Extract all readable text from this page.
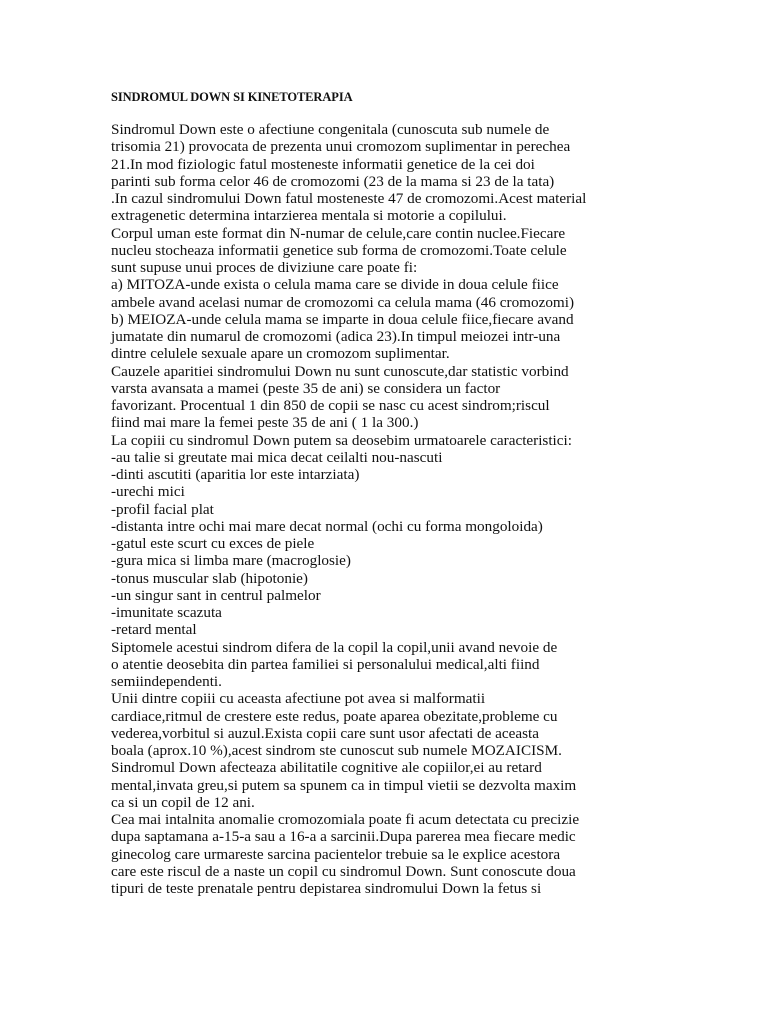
SINDROMUL DOWN SI KINETOTERAPIA
Sindromul Down este o afectiune congenitala (cunoscuta sub numele de
trisomia 21) provocata de prezenta unui cromozom suplimentar in perechea
21.In mod fiziologic fatul mosteneste informatii genetice de la cei doi
parinti sub forma celor 46 de cromozomi (23 de la mama si 23 de la tata)
.In cazul sindromului Down fatul mosteneste 47 de cromozomi.Acest material
extragenetic determina intarzierea mentala si motorie a copilului.
Corpul uman este format din N-numar de celule,care contin nuclee.Fiecare
nucleu stocheaza informatii genetice sub forma de cromozomi.Toate celule
sunt supuse unui proces de diviziune care poate fi:
a) MITOZA-unde exista o celula mama care se divide in doua celule fiice
ambele avand acelasi numar de cromozomi ca celula mama (46 cromozomi)
b) MEIOZA-unde celula mama se imparte in doua celule fiice,fiecare avand
jumatate din numarul de cromozomi (adica 23).In timpul meiozei intr-una
dintre celulele sexuale apare un cromozom suplimentar.
Cauzele aparitiei sindromului Down nu sunt cunoscute,dar statistic vorbind
varsta avansata a mamei (peste 35 de ani) se considera un factor
favorizant. Procentual 1 din 850 de copii se nasc cu acest sindrom;riscul
fiind mai mare la femei peste 35 de ani ( 1 la 300.)
La copiii cu sindromul Down putem sa deosebim urmatoarele caracteristici:
-au talie si greutate mai mica decat ceilalti nou-nascuti
-dinti ascutiti (aparitia lor este intarziata)
-urechi mici
-profil facial plat
-distanta intre ochi mai mare decat normal (ochi cu forma mongoloida)
-gatul este scurt cu exces de piele
-gura mica si limba mare (macroglosie)
-tonus muscular slab (hipotonie)
-un singur sant in centrul palmelor
-imunitate scazuta
-retard mental
Siptomele acestui sindrom difera de la copil la copil,unii avand nevoie de
o atentie deosebita din partea familiei si personalului medical,alti fiind
semiindependenti.
Unii dintre copiii cu aceasta afectiune pot avea si malformatii
cardiace,ritmul de crestere este redus, poate aparea obezitate,probleme cu
vederea,vorbitul si auzul.Exista copii care sunt usor afectati de aceasta
boala (aprox.10 %),acest sindrom ste cunoscut sub numele MOZAICISM.
Sindromul Down afecteaza abilitatile cognitive ale copiilor,ei au retard
mental,invata greu,si putem sa spunem ca in timpul vietii se dezvolta maxim
ca si un copil de 12 ani.
Cea mai intalnita anomalie cromozomiala poate fi acum detectata cu precizie
dupa saptamana a-15-a sau a 16-a a sarcinii.Dupa parerea mea fiecare medic
ginecolog care urmareste sarcina pacientelor trebuie sa le explice acestora
care este riscul de a naste un copil cu sindromul Down. Sunt conoscute doua
tipuri de teste prenatale pentru depistarea sindromului Down la fetus si
